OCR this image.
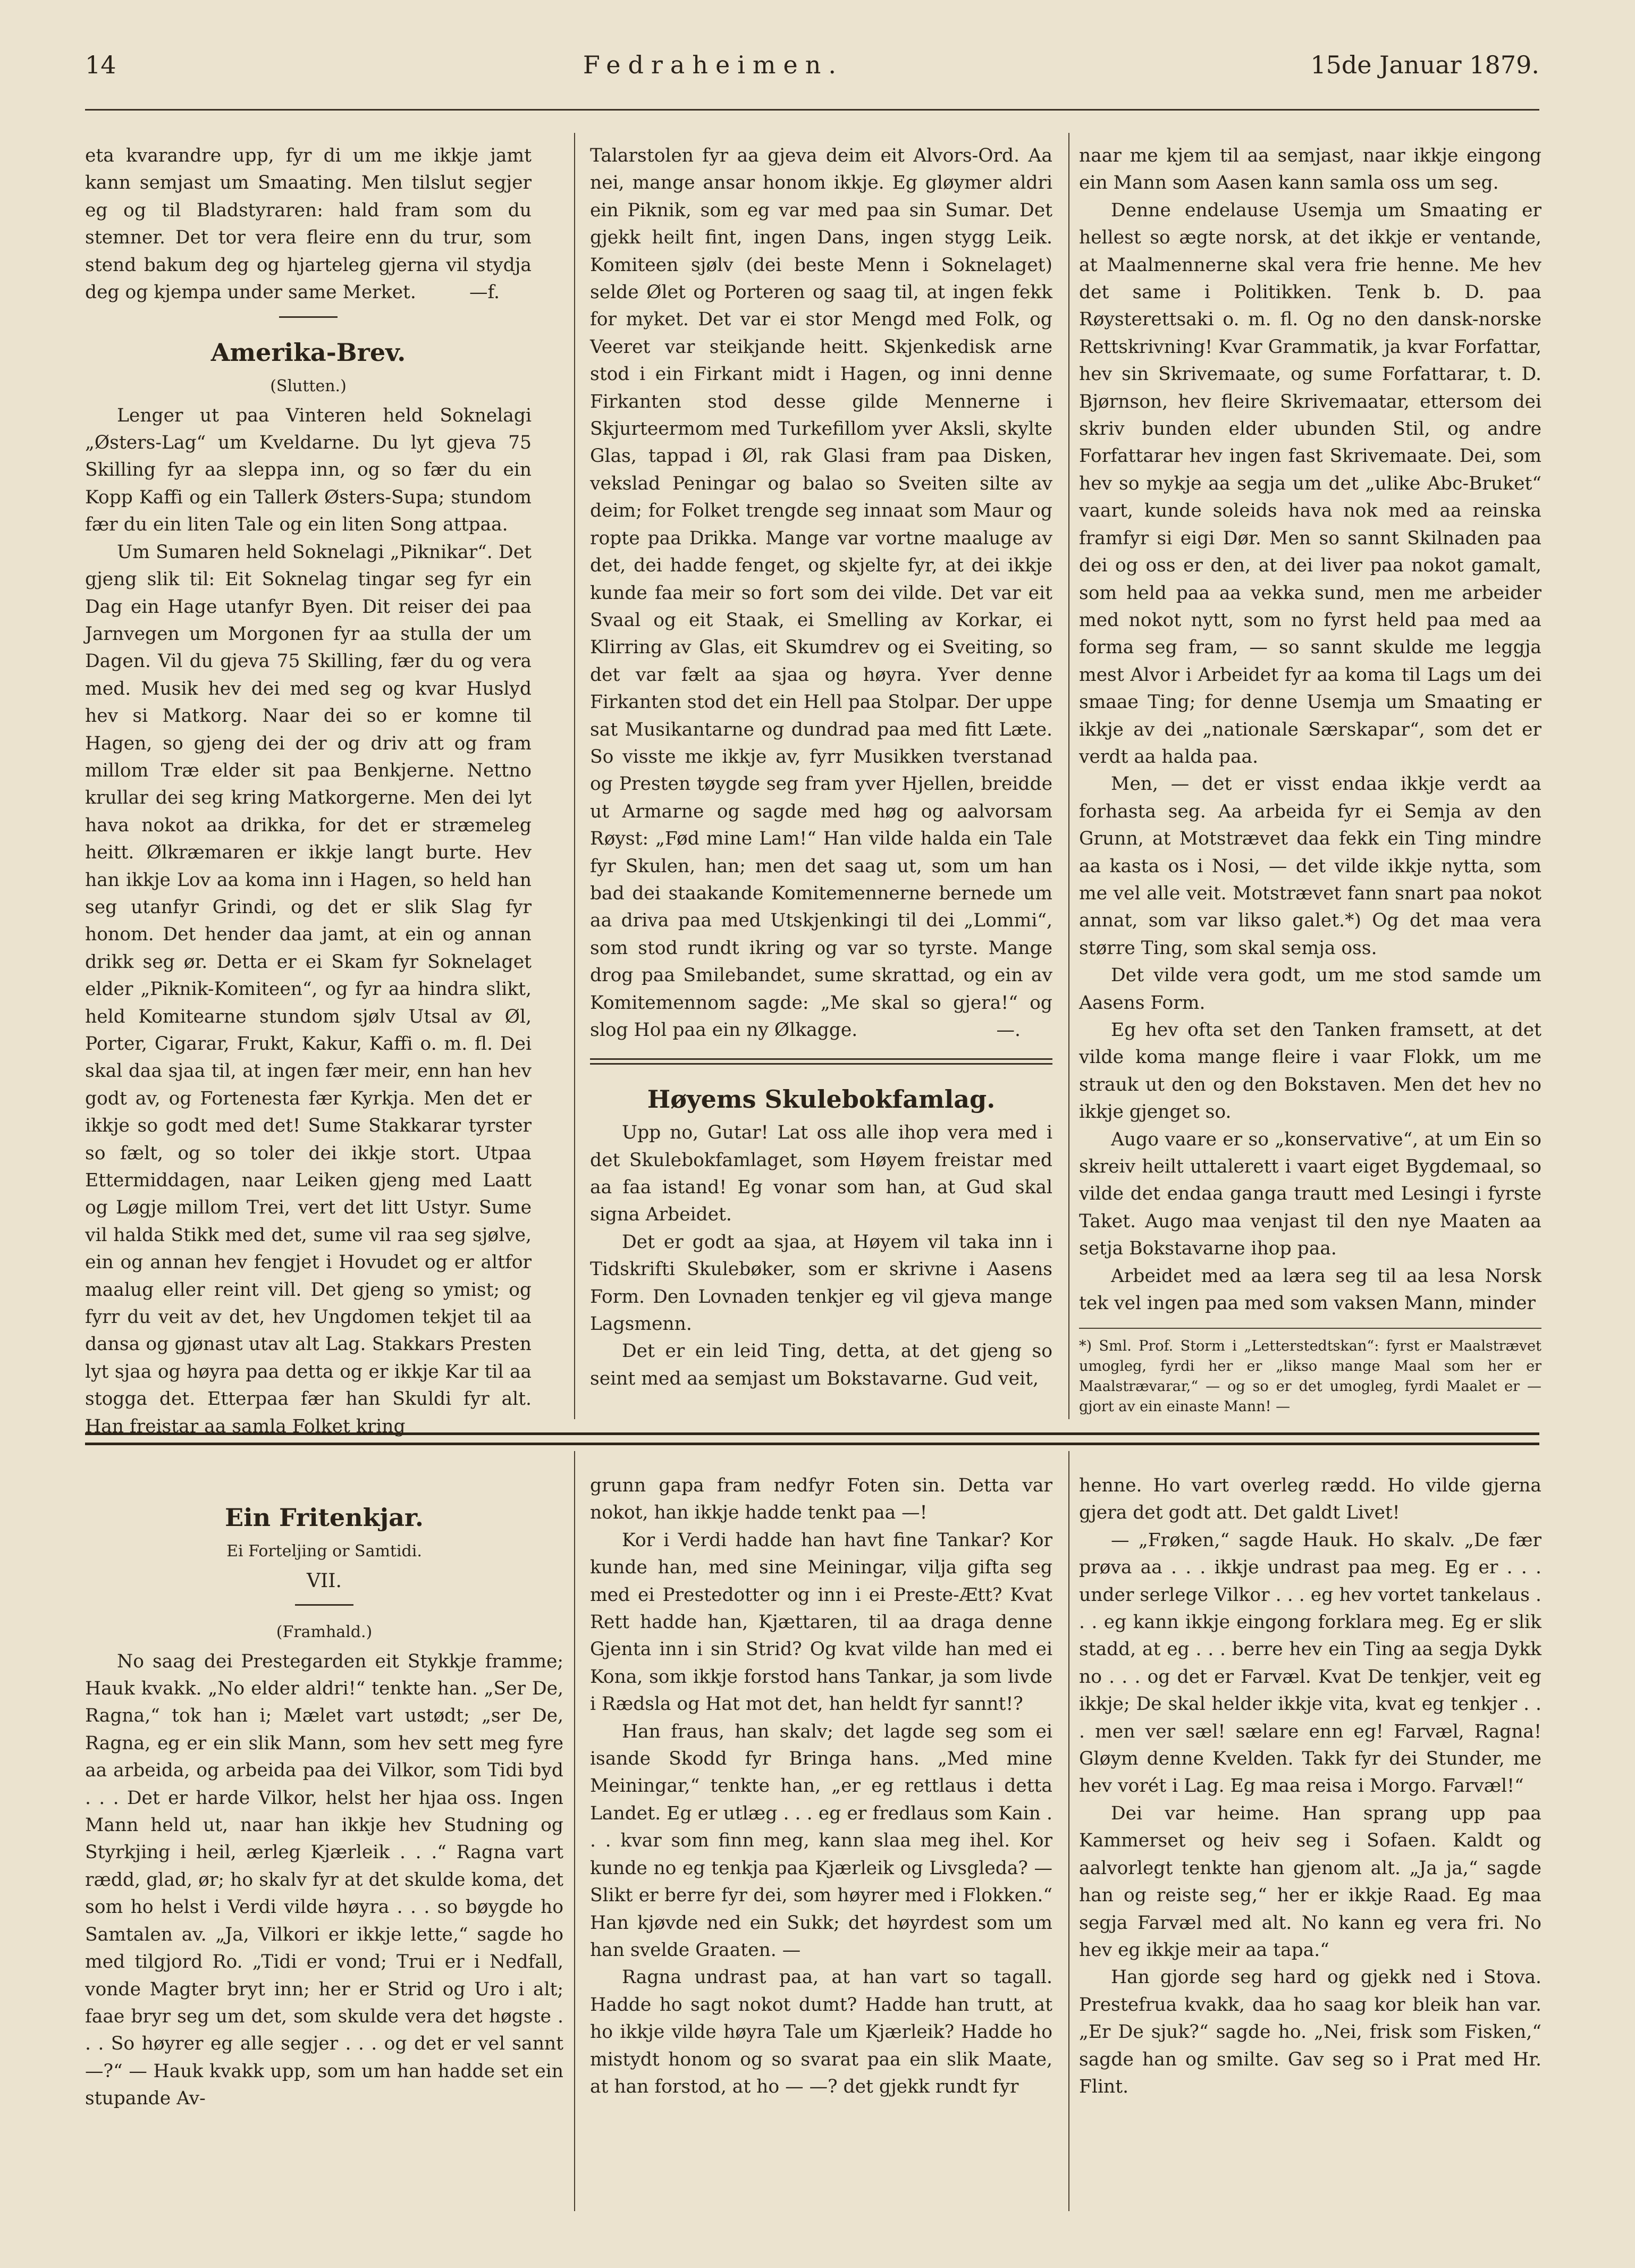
14	Fedraheimen.	15de Januar 1879.

eta kvarandre upp, fyr di um me ikkje jamt kann semjast um Smaating. Men tilslut segjer eg og til Bladstyraren: hald fram som du stemner. Det tor vera fleire enn du trur, som stend bakum deg og hjarteleg gjerna vil stydja deg og kjempa under same Merket.	—f.
Amerika-Brev.
(Slutten.)

Lenger ut paa Vinteren held Soknelagi „Østers-Lag“ um Kveldarne. Du lyt gjeva 75 Skilling fyr aa sleppa inn, og so fær du ein Kopp Kaffi og ein Tallerk Østers-Supa; stundom fær du ein liten Tale og ein liten Song attpaa.

Um Sumaren held Soknelagi „Piknikar“. Det gjeng slik til: Eit Soknelag tingar seg fyr ein Dag ein Hage utanfyr Byen. Dit reiser dei paa Jarnvegen um Morgonen fyr aa stulla der um Dagen. Vil du gjeva 75 Skilling, fær du og vera med. Musik hev dei med seg og kvar Huslyd hev si Matkorg. Naar dei so er komne til Hagen, so gjeng dei der og driv att og fram millom Træ elder sit paa Benkjerne. Nettno krullar dei seg kring Matkorgerne. Men dei lyt hava nokot aa drikka, for det er stræmeleg heitt. Ølkræmaren er ikkje langt burte. Hev han ikkje Lov aa koma inn i Hagen, so held han seg utanfyr Grindi, og det er slik Slag fyr honom. Det hender daa jamt, at ein og annan drikk seg ør. Detta er ei Skam fyr Soknelaget elder „Piknik-Komiteen“, og fyr aa hindra slikt, held Komitearne stundom sjølv Utsal av Øl, Porter, Cigarar, Frukt, Kakur, Kaffi o. m. fl. Dei skal daa sjaa til, at ingen fær meir, enn han hev godt av, og Fortenesta fær Kyrkja. Men det er ikkje so godt med det! Sume Stakkarar tyrster so fælt, og so toler dei ikkje stort. Utpaa Ettermiddagen, naar Leiken gjeng med Laatt og Løgje millom Trei, vert det litt Ustyr. Sume vil halda Stikk med det, sume vil raa seg sjølve, ein og annan hev fengjet i Hovudet og er altfor maalug eller reint vill. Det gjeng so ymist; og fyrr du veit av det, hev Ungdomen tekjet til aa dansa og gjønast utav alt Lag. Stakkars Presten lyt sjaa og høyra paa detta og er ikkje Kar til aa stogga det. Etterpaa fær han Skuldi fyr alt. Han freistar aa samla Folket kring

Talarstolen fyr aa gjeva deim eit Alvors-Ord. Aa nei, mange ansar honom ikkje. Eg gløymer aldri ein Piknik, som eg var med paa sin Sumar. Det gjekk heilt fint, ingen Dans, ingen stygg Leik. Komiteen sjølv (dei beste Menn i Soknelaget) selde Ølet og Porteren og saag til, at ingen fekk for myket. Det var ei stor Mengd med Folk, og Veeret var steikjande heitt. Skjenkedisk arne stod i ein Firkant midt i Hagen, og inni denne Firkanten stod desse gilde Mennerne i Skjurteermom med Turkefillom yver Aksli, skylte Glas, tappad i Øl, rak Glasi fram paa Disken, vekslad Peningar og balao so Sveiten silte av deim; for Folket trengde seg innaat som Maur og ropte paa Drikka. Mange var vortne maaluge av det, dei hadde fenget, og skjelte fyr, at dei ikkje kunde faa meir so fort som dei vilde. Det var eit Svaal og eit Staak, ei Smelling av Korkar, ei Klirring av Glas, eit Skumdrev og ei Sveiting, so det var fælt aa sjaa og høyra. Yver denne Firkanten stod det ein Hell paa Stolpar. Der uppe sat Musikantarne og dundrad paa med fitt Læte. So visste me ikkje av, fyrr Musikken tverstanad og Presten tøygde seg fram yver Hjellen, breidde ut Armarne og sagde med høg og aalvorsam Røyst: „Fød mine Lam!“ Han vilde halda ein Tale fyr Skulen, han; men det saag ut, som um han bad dei staakande Komitemennerne bernede um aa driva paa med Utskjenkingi til dei „Lommi“, som stod rundt ikring og var so tyrste. Mange drog paa Smilebandet, sume skrattad, og ein av Komitemennom sagde: „Me skal so gjera!“ og slog Hol paa ein ny Ølkagge.	—.
Høyems Skulebokfamlag.

Upp no, Gutar! Lat oss alle ihop vera med i det Skulebokfamlaget, som Høyem freistar med aa faa istand! Eg vonar som han, at Gud skal signa Arbeidet.

Det er godt aa sjaa, at Høyem vil taka inn i Tidskrifti Skulebøker, som er skrivne i Aasens Form. Den Lovnaden tenkjer eg vil gjeva mange Lagsmenn.

Det er ein leid Ting, detta, at det gjeng so seint med aa semjast um Bokstavarne. Gud veit,

naar me kjem til aa semjast, naar ikkje eingong ein Mann som Aasen kann samla oss um seg.

Denne endelause Usemja um Smaating er hellest so ægte norsk, at det ikkje er ventande, at Maalmennerne skal vera frie henne. Me hev det same i Politikken. Tenk b. D. paa Røysterettsaki o. m. fl. Og no den dansk-norske Rettskrivning! Kvar Grammatik, ja kvar Forfattar, hev sin Skrivemaate, og sume Forfattarar, t. D. Bjørnson, hev fleire Skrivemaatar, ettersom dei skriv bunden elder ubunden Stil, og andre Forfattarar hev ingen fast Skrivemaate. Dei, som hev so mykje aa segja um det „ulike Abc-Bruket“ vaart, kunde soleids hava nok med aa reinska framfyr si eigi Dør. Men so sannt Skilnaden paa dei og oss er den, at dei liver paa nokot gamalt, som held paa aa vekka sund, men me arbeider med nokot nytt, som no fyrst held paa med aa forma seg fram, — so sannt skulde me leggja mest Alvor i Arbeidet fyr aa koma til Lags um dei smaae Ting; for denne Usemja um Smaating er ikkje av dei „nationale Særskapar“, som det er verdt aa halda paa.

Men, — det er visst endaa ikkje verdt aa forhasta seg. Aa arbeida fyr ei Semja av den Grunn, at Motstrævet daa fekk ein Ting mindre aa kasta os i Nosi, — det vilde ikkje nytta, som me vel alle veit. Motstrævet fann snart paa nokot annat, som var likso galet.*) Og det maa vera større Ting, som skal semja oss.

Det vilde vera godt, um me stod samde um Aasens Form.

Eg hev ofta set den Tanken framsett, at det vilde koma mange fleire i vaar Flokk, um me strauk ut den og den Bokstaven. Men det hev no ikkje gjenget so.

Augo vaare er so „konservative“, at um Ein so skreiv heilt uttalerett i vaart eiget Bygdemaal, so vilde det endaa ganga trautt med Lesingi i fyrste Taket. Augo maa venjast til den nye Maaten aa setja Bokstavarne ihop paa.

Arbeidet med aa læra seg til aa lesa Norsk tek vel ingen paa med som vaksen Mann, minder

*) Sml. Prof. Storm i „Letterstedtskan“: fyrst er Maalstrævet umogleg, fyrdi her er „likso mange Maal som her er Maalstrævarar,“ — og so er det umogleg, fyrdi Maalet er — gjort av ein einaste Mann! —
Ein Fritenkjar.
Ei Forteljing or Samtidi.
VII.
(Framhald.)

No saag dei Prestegarden eit Stykkje framme; Hauk kvakk. „No elder aldri!“ tenkte han. „Ser De, Ragna,“ tok han i; Mælet vart ustødt; „ser De, Ragna, eg er ein slik Mann, som hev sett meg fyre aa arbeida, og arbeida paa dei Vilkor, som Tidi byd . . . Det er harde Vilkor, helst her hjaa oss. Ingen Mann held ut, naar han ikkje hev Studning og Styrkjing i heil, ærleg Kjærleik . . .“ Ragna vart rædd, glad, ør; ho skalv fyr at det skulde koma, det som ho helst i Verdi vilde høyra . . . so bøygde ho Samtalen av. „Ja, Vilkori er ikkje lette,“ sagde ho med tilgjord Ro. „Tidi er vond; Trui er i Nedfall, vonde Magter bryt inn; her er Strid og Uro i alt; faae bryr seg um det, som skulde vera det høgste . . . So høyrer eg alle segjer . . . og det er vel sannt —?“ — Hauk kvakk upp, som um han hadde set ein stupande Av-

grunn gapa fram nedfyr Foten sin. Detta var nokot, han ikkje hadde tenkt paa —!

Kor i Verdi hadde han havt fine Tankar? Kor kunde han, med sine Meiningar, vilja gifta seg med ei Prestedotter og inn i ei Preste-Ætt? Kvat Rett hadde han, Kjættaren, til aa draga denne Gjenta inn i sin Strid? Og kvat vilde han med ei Kona, som ikkje forstod hans Tankar, ja som livde i Rædsla og Hat mot det, han heldt fyr sannt!?

Han fraus, han skalv; det lagde seg som ei isande Skodd fyr Bringa hans. „Med mine Meiningar,“ tenkte han, „er eg rettlaus i detta Landet. Eg er utlæg . . . eg er fredlaus som Kain . . . kvar som finn meg, kann slaa meg ihel. Kor kunde no eg tenkja paa Kjærleik og Livsgleda? — Slikt er berre fyr dei, som høyrer med i Flokken.“ Han kjøvde ned ein Sukk; det høyrdest som um han svelde Graaten. —

Ragna undrast paa, at han vart so tagall. Hadde ho sagt nokot dumt? Hadde han trutt, at ho ikkje vilde høyra Tale um Kjærleik? Hadde ho mistydt honom og so svarat paa ein slik Maate, at han forstod, at ho — —? det gjekk rundt fyr

henne. Ho vart overleg rædd. Ho vilde gjerna gjera det godt att. Det galdt Livet!

— „Frøken,“ sagde Hauk. Ho skalv. „De fær prøva aa . . . ikkje undrast paa meg. Eg er . . . under serlege Vilkor . . . eg hev vortet tankelaus . . . eg kann ikkje eingong forklara meg. Eg er slik stadd, at eg . . . berre hev ein Ting aa segja Dykk no . . . og det er Farvæl. Kvat De tenkjer, veit eg ikkje; De skal helder ikkje vita, kvat eg tenkjer . . . men ver sæl! sælare enn eg! Farvæl, Ragna! Gløym denne Kvelden. Takk fyr dei Stunder, me hev vorét i Lag. Eg maa reisa i Morgo. Farvæl!“

Dei var heime. Han sprang upp paa Kammerset og heiv seg i Sofaen. Kaldt og aalvorlegt tenkte han gjenom alt. „Ja ja,“ sagde han og reiste seg,“ her er ikkje Raad. Eg maa segja Farvæl med alt. No kann eg vera fri. No hev eg ikkje meir aa tapa.“

Han gjorde seg hard og gjekk ned i Stova. Prestefrua kvakk, daa ho saag kor bleik han var. „Er De sjuk?“ sagde ho. „Nei, frisk som Fisken,“ sagde han og smilte. Gav seg so i Prat med Hr. Flint.
